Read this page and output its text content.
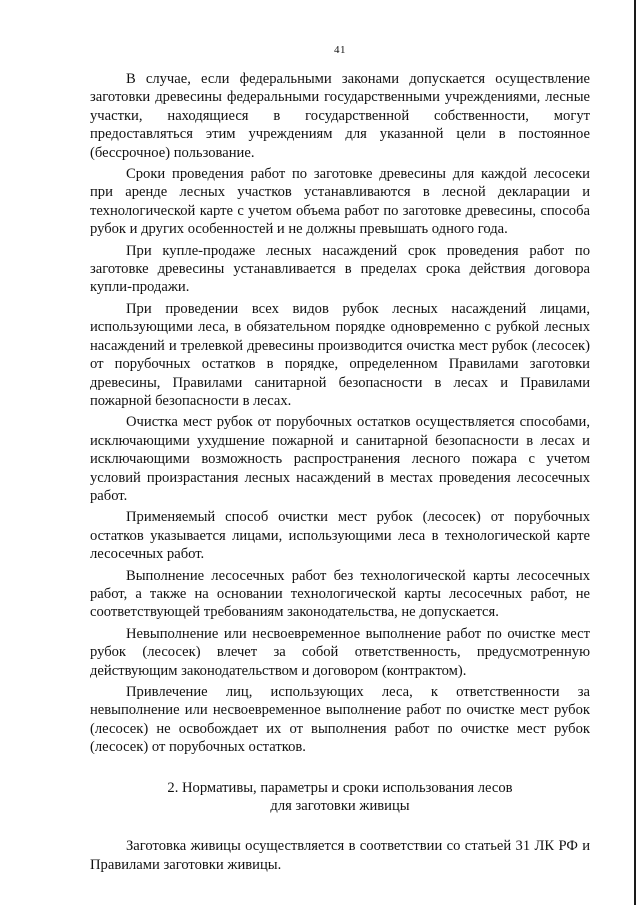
41

В случае, если федеральными законами допускается осуществление заготовки древесины федеральными государственными учреждениями, лесные участки, находящиеся в государственной собственности, могут предоставляться этим учреждениям для указанной цели в постоянное (бессрочное) пользование.

Сроки проведения работ по заготовке древесины для каждой лесосеки при аренде лесных участков устанавливаются в лесной декларации и технологической карте с учетом объема работ по заготовке древесины, способа рубок и других особенностей и не должны превышать одного года.

При купле-продаже лесных насаждений срок проведения работ по заготовке древесины устанавливается в пределах срока действия договора купли-продажи.

При проведении всех видов рубок лесных насаждений лицами, использующими леса, в обязательном порядке одновременно с рубкой лесных насаждений и трелевкой древесины производится очистка мест рубок (лесосек) от порубочных остатков в порядке, определенном Правилами заготовки древесины, Правилами санитарной безопасности в лесах и Правилами пожарной безопасности в лесах.

Очистка мест рубок от порубочных остатков осуществляется способами, исключающими ухудшение пожарной и санитарной безопасности в лесах и исключающими возможность распространения лесного пожара с учетом условий произрастания лесных насаждений в местах проведения лесосечных работ.

Применяемый способ очистки мест рубок (лесосек) от порубочных остатков указывается лицами, использующими леса в технологической карте лесосечных работ.

Выполнение лесосечных работ без технологической карты лесосечных работ, а также на основании технологической карты лесосечных работ, не соответствующей требованиям законодательства, не допускается.

Невыполнение или несвоевременное выполнение работ по очистке мест рубок (лесосек) влечет за собой ответственность, предусмотренную действующим законодательством и договором (контрактом).

Привлечение лиц, использующих леса, к ответственности за невыполнение или несвоевременное выполнение работ по очистке мест рубок (лесосек) не освобождает их от выполнения работ по очистке мест рубок (лесосек) от порубочных остатков.

2. Нормативы, параметры и сроки использования лесов
для заготовки живицы

Заготовка живицы осуществляется в соответствии со статьей 31 ЛК РФ и Правилами заготовки живицы.
